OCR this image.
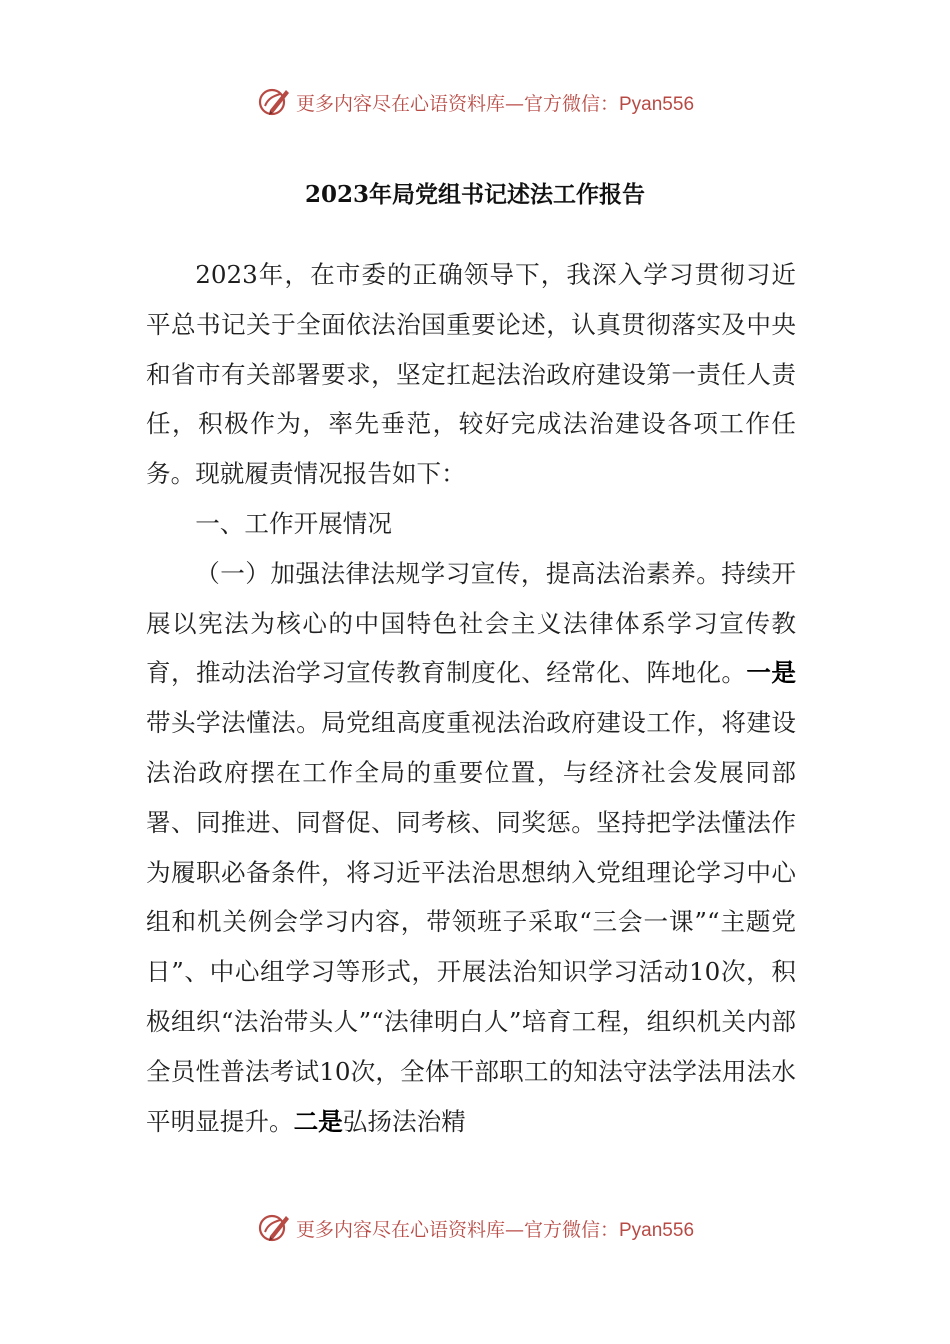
更多内容尽在心语资料库—官方微信：Pyan556
2023年局党组书记述法工作报告

2023年，在市委的正确领导下，我深入学习贯彻习近平总书记关于全面依法治国重要论述，认真贯彻落实及中央和省市有关部署要求，坚定扛起法治政府建设第一责任人责任，积极作为，率先垂范，较好完成法治建设各项工作任务。现就履责情况报告如下：

一、工作开展情况

（一）加强法律法规学习宣传，提高法治素养。持续开展以宪法为核心的中国特色社会主义法律体系学习宣传教育，推动法治学习宣传教育制度化、经常化、阵地化。一是带头学法懂法。局党组高度重视法治政府建设工作，将建设法治政府摆在工作全局的重要位置，与经济社会发展同部署、同推进、同督促、同考核、同奖惩。坚持把学法懂法作为履职必备条件，将习近平法治思想纳入党组理论学习中心组和机关例会学习内容，带领班子采取“三会一课”“主题党日”、中心组学习等形式，开展法治知识学习活动10次，积极组织“法治带头人”“法律明白人”培育工程，组织机关内部全员性普法考试10次，全体干部职工的知法守法学法用法水平明显提升。二是弘扬法治精

更多内容尽在心语资料库—官方微信：Pyan556
